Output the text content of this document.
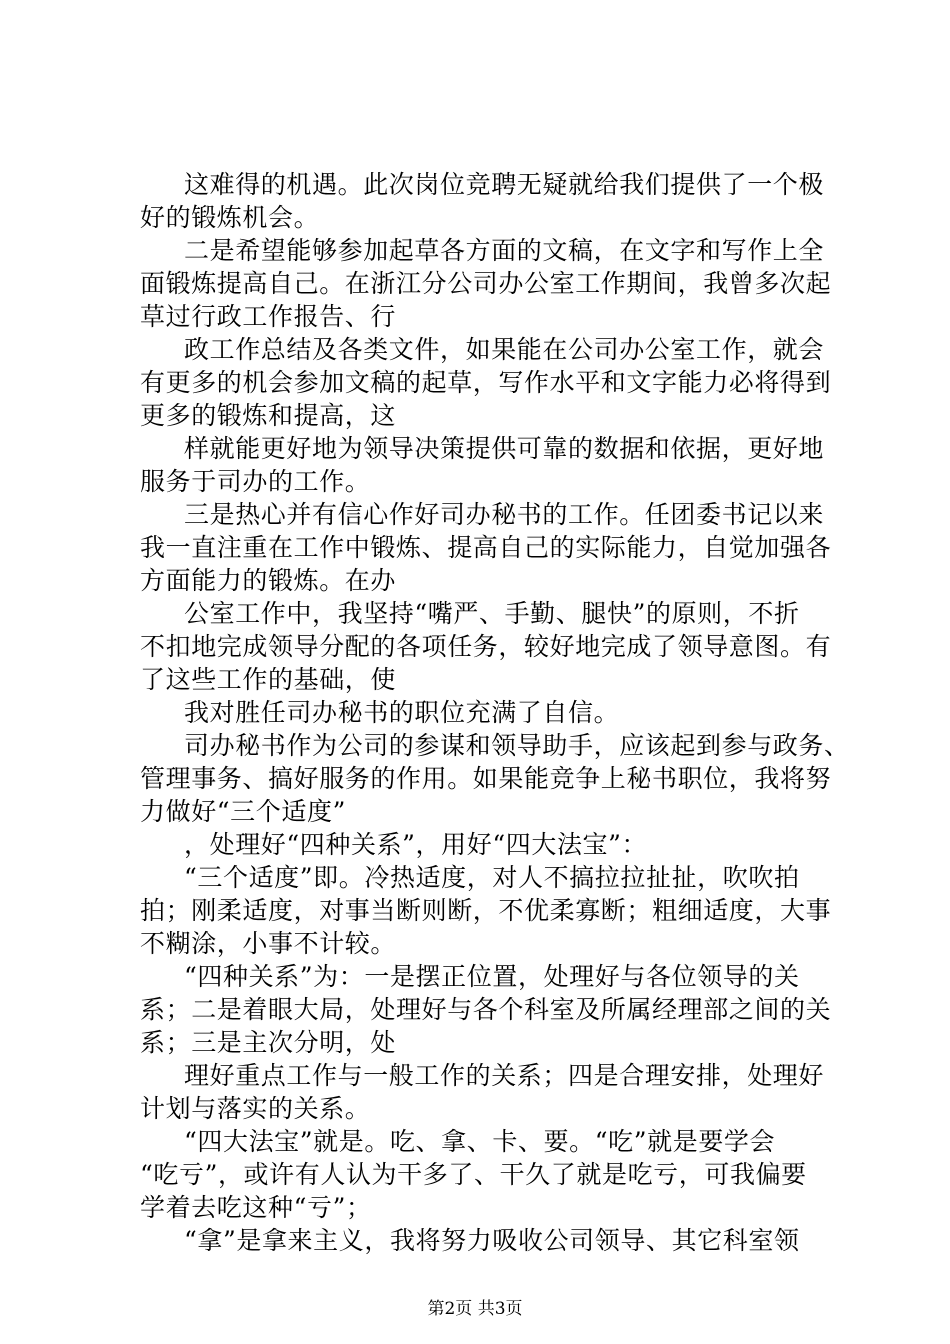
这难得的机遇。此次岗位竞聘无疑就给我们提供了一个极
好的锻炼机会。
二是希望能够参加起草各方面的文稿，在文字和写作上全
面锻炼提高自己。在浙江分公司办公室工作期间，我曾多次起
草过行政工作报告、行
政工作总结及各类文件，如果能在公司办公室工作，就会
有更多的机会参加文稿的起草，写作水平和文字能力必将得到
更多的锻炼和提高，这
样就能更好地为领导决策提供可靠的数据和依据，更好地
服务于司办的工作。
三是热心并有信心作好司办秘书的工作。任团委书记以来
我一直注重在工作中锻炼、提高自己的实际能力，自觉加强各
方面能力的锻炼。在办
公室工作中，我坚持“嘴严、手勤、腿快”的原则，不折
不扣地完成领导分配的各项任务，较好地完成了领导意图。有
了这些工作的基础，使
我对胜任司办秘书的职位充满了自信。
司办秘书作为公司的参谋和领导助手，应该起到参与政务、
管理事务、搞好服务的作用。如果能竞争上秘书职位，我将努
力做好“三个适度”
，处理好“四种关系”，用好“四大法宝”：
“三个适度”即。冷热适度，对人不搞拉拉扯扯，吹吹拍
拍；刚柔适度，对事当断则断，不优柔寡断；粗细适度，大事
不糊涂，小事不计较。
“四种关系”为：一是摆正位置，处理好与各位领导的关
系；二是着眼大局，处理好与各个科室及所属经理部之间的关
系；三是主次分明，处
理好重点工作与一般工作的关系；四是合理安排，处理好
计划与落实的关系。
“四大法宝”就是。吃、拿、卡、要。“吃”就是要学会
“吃亏”，或许有人认为干多了、干久了就是吃亏，可我偏要
学着去吃这种“亏”；
“拿”是拿来主义，我将努力吸收公司领导、其它科室领
第2页 共3页
